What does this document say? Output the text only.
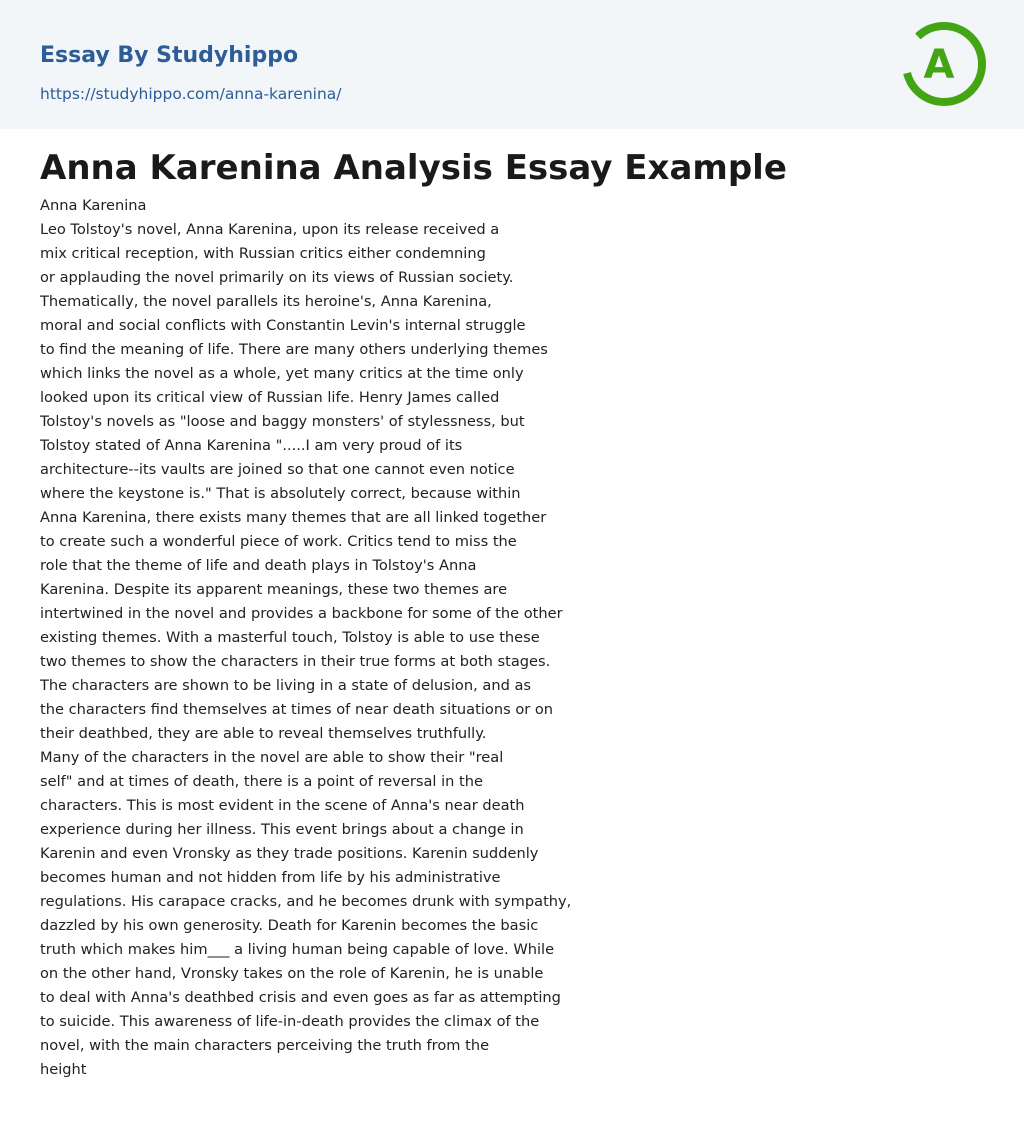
Essay By Studyhippo
https://studyhippo.com/anna-karenina/
A
Anna Karenina Analysis Essay Example
Anna Karenina
Leo Tolstoy's novel, Anna Karenina, upon its release received a
mix critical reception, with Russian critics either condemning
or applauding the novel primarily on its views of Russian society.
Thematically, the novel parallels its heroine's, Anna Karenina,
moral and social conflicts with Constantin Levin's internal struggle
to find the meaning of life. There are many others underlying themes
which links the novel as a whole, yet many critics at the time only
looked upon its critical view of Russian life. Henry James called
Tolstoy's novels as "loose and baggy monsters' of stylessness, but
Tolstoy stated of Anna Karenina ".....I am very proud of its
architecture--its vaults are joined so that one cannot even notice
where the keystone is." That is absolutely correct, because within
Anna Karenina, there exists many themes that are all linked together
to create such a wonderful piece of work. Critics tend to miss the
role that the theme of life and death plays in Tolstoy's Anna
Karenina. Despite its apparent meanings, these two themes are
intertwined in the novel and provides a backbone for some of the other
existing themes. With a masterful touch, Tolstoy is able to use these
two themes to show the characters in their true forms at both stages.
The characters are shown to be living in a state of delusion, and as
the characters find themselves at times of near death situations or on
their deathbed, they are able to reveal themselves truthfully.
Many of the characters in the novel are able to show their "real
self" and at times of death, there is a point of reversal in the
characters. This is most evident in the scene of Anna's near death
experience during her illness. This event brings about a change in
Karenin and even Vronsky as they trade positions. Karenin suddenly
becomes human and not hidden from life by his administrative
regulations. His carapace cracks, and he becomes drunk with sympathy,
dazzled by his own generosity. Death for Karenin becomes the basic
truth which makes him___ a living human being capable of love. While
on the other hand, Vronsky takes on the role of Karenin, he is unable
to deal with Anna's deathbed crisis and even goes as far as attempting
to suicide. This awareness of life-in-death provides the climax of the
novel, with the main characters perceiving the truth from the
height
